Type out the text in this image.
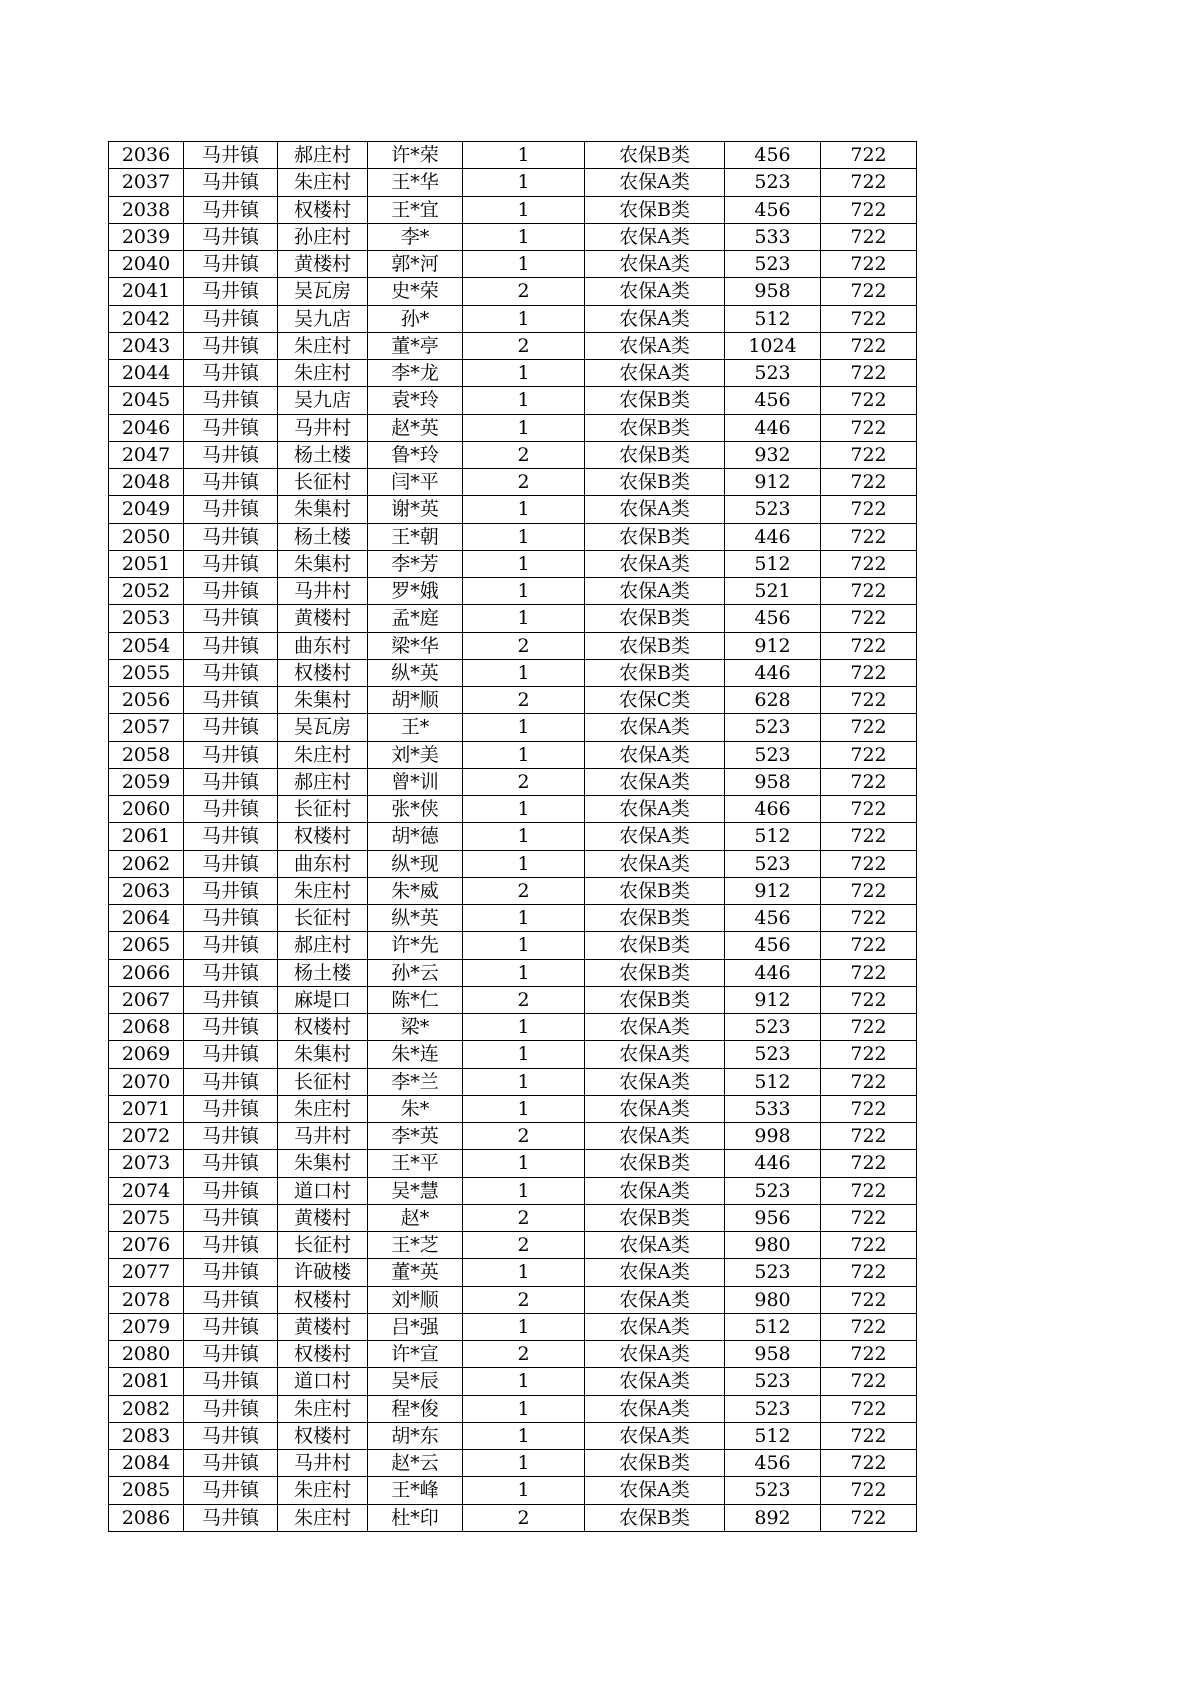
2036	马井镇	郝庄村	许*荣	1	农保B类	456	722
2037	马井镇	朱庄村	王*华	1	农保A类	523	722
2038	马井镇	权楼村	王*宜	1	农保B类	456	722
2039	马井镇	孙庄村	李*	1	农保A类	533	722
2040	马井镇	黄楼村	郭*河	1	农保A类	523	722
2041	马井镇	吴瓦房	史*荣	2	农保A类	958	722
2042	马井镇	吴九店	孙*	1	农保A类	512	722
2043	马井镇	朱庄村	董*亭	2	农保A类	1024	722
2044	马井镇	朱庄村	李*龙	1	农保A类	523	722
2045	马井镇	吴九店	袁*玲	1	农保B类	456	722
2046	马井镇	马井村	赵*英	1	农保B类	446	722
2047	马井镇	杨土楼	鲁*玲	2	农保B类	932	722
2048	马井镇	长征村	闫*平	2	农保B类	912	722
2049	马井镇	朱集村	谢*英	1	农保A类	523	722
2050	马井镇	杨土楼	王*朝	1	农保B类	446	722
2051	马井镇	朱集村	李*芳	1	农保A类	512	722
2052	马井镇	马井村	罗*娥	1	农保A类	521	722
2053	马井镇	黄楼村	孟*庭	1	农保B类	456	722
2054	马井镇	曲东村	梁*华	2	农保B类	912	722
2055	马井镇	权楼村	纵*英	1	农保B类	446	722
2056	马井镇	朱集村	胡*顺	2	农保C类	628	722
2057	马井镇	吴瓦房	王*	1	农保A类	523	722
2058	马井镇	朱庄村	刘*美	1	农保A类	523	722
2059	马井镇	郝庄村	曾*训	2	农保A类	958	722
2060	马井镇	长征村	张*侠	1	农保A类	466	722
2061	马井镇	权楼村	胡*德	1	农保A类	512	722
2062	马井镇	曲东村	纵*现	1	农保A类	523	722
2063	马井镇	朱庄村	朱*威	2	农保B类	912	722
2064	马井镇	长征村	纵*英	1	农保B类	456	722
2065	马井镇	郝庄村	许*先	1	农保B类	456	722
2066	马井镇	杨土楼	孙*云	1	农保B类	446	722
2067	马井镇	麻堤口	陈*仁	2	农保B类	912	722
2068	马井镇	权楼村	梁*	1	农保A类	523	722
2069	马井镇	朱集村	朱*连	1	农保A类	523	722
2070	马井镇	长征村	李*兰	1	农保A类	512	722
2071	马井镇	朱庄村	朱*	1	农保A类	533	722
2072	马井镇	马井村	李*英	2	农保A类	998	722
2073	马井镇	朱集村	王*平	1	农保B类	446	722
2074	马井镇	道口村	吴*慧	1	农保A类	523	722
2075	马井镇	黄楼村	赵*	2	农保B类	956	722
2076	马井镇	长征村	王*芝	2	农保A类	980	722
2077	马井镇	许破楼	董*英	1	农保A类	523	722
2078	马井镇	权楼村	刘*顺	2	农保A类	980	722
2079	马井镇	黄楼村	吕*强	1	农保A类	512	722
2080	马井镇	权楼村	许*宣	2	农保A类	958	722
2081	马井镇	道口村	吴*辰	1	农保A类	523	722
2082	马井镇	朱庄村	程*俊	1	农保A类	523	722
2083	马井镇	权楼村	胡*东	1	农保A类	512	722
2084	马井镇	马井村	赵*云	1	农保B类	456	722
2085	马井镇	朱庄村	王*峰	1	农保A类	523	722
2086	马井镇	朱庄村	杜*印	2	农保B类	892	722
